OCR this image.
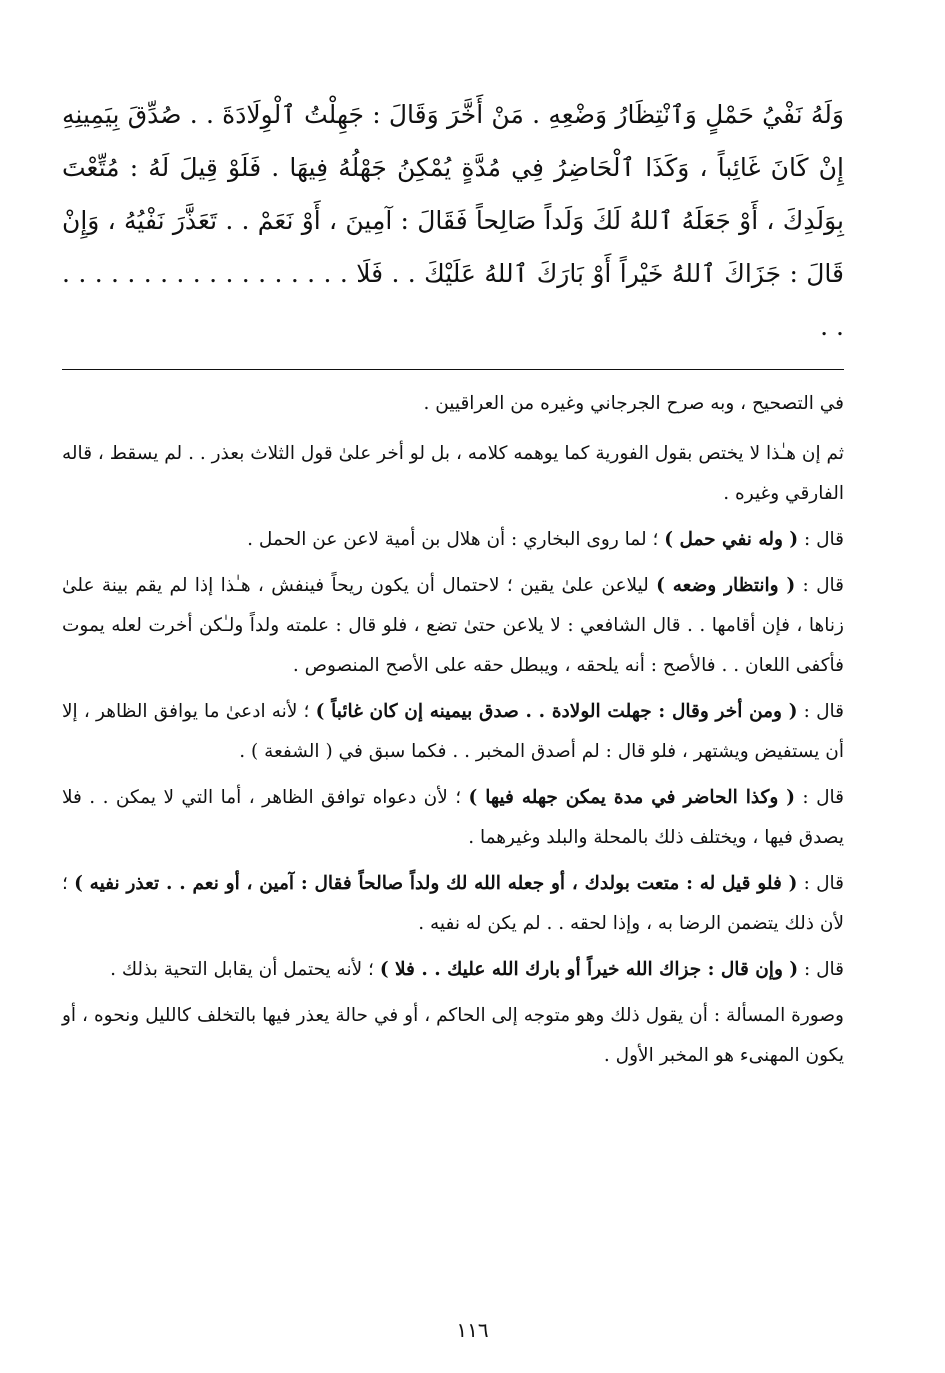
وَلَهُ نَفْيُ حَمْلٍ وَٱنْتِظَارُ وَضْعِهِ . مَنْ أَخَّرَ وَقَالَ : جَهِلْتُ ٱلْوِلَادَةَ . . صُدِّقَ بِيَمِينِهِ إِنْ كَانَ غَائِباً ، وَكَذَا ٱلْحَاضِرُ فِي مُدَّةٍ يُمْكِنُ جَهْلُهُ فِيهَا . فَلَوْ قِيلَ لَهُ : مُتِّعْتَ بِوَلَدِكَ ، أَوْ جَعَلَهُ ٱللهُ لَكَ وَلَداً صَالِحاً فَقَالَ : آمِينَ ، أَوْ نَعَمْ . . تَعَذَّرَ نَفْيُهُ ، وَإِنْ قَالَ : جَزَاكَ ٱللهُ خَيْراً أَوْ بَارَكَ ٱللهُ عَلَيْكَ . . فَلَا . . . . . . . . . . . . . . . . . . . .

في التصحيح ، وبه صرح الجرجاني وغيره من العراقيين .

ثم إن هـٰذا لا يختص بقول الفورية كما يوهمه كلامه ، بل لو أخر علىٰ قول الثلاث بعذر . . لم يسقط ، قاله الفارقي وغيره .

قال : ( وله نفي حمل ) ؛ لما روى البخاري : أن هلال بن أمية لاعن عن الحمل .

قال : ( وانتظار وضعه ) ليلاعن علىٰ يقين ؛ لاحتمال أن يكون ريحاً فينفش ، هـٰذا إذا لم يقم بينة علىٰ زناها ، فإن أقامها . . قال الشافعي : لا يلاعن حتىٰ تضع ، فلو قال : علمته ولداً ولـٰكن أخرت لعله يموت فأكفى اللعان . . فالأصح : أنه يلحقه ، ويبطل حقه على الأصح المنصوص .

قال : ( ومن أخر وقال : جهلت الولادة . . صدق بيمينه إن كان غائباً ) ؛ لأنه ادعىٰ ما يوافق الظاهر ، إلا أن يستفيض ويشتهر ، فلو قال : لم أصدق المخبر . . فكما سبق في ( الشفعة ) .

قال : ( وكذا الحاضر في مدة يمكن جهله فيها ) ؛ لأن دعواه توافق الظاهر ، أما التي لا يمكن . . فلا يصدق فيها ، ويختلف ذلك بالمحلة والبلد وغيرهما .

قال : ( فلو قيل له : متعت بولدك ، أو جعله الله لك ولداً صالحاً فقال : آمين ، أو نعم . . تعذر نفيه ) ؛ لأن ذلك يتضمن الرضا به ، وإذا لحقه . . لم يكن له نفيه .

قال : ( وإن قال : جزاك الله خيراً أو بارك الله عليك . . فلا ) ؛ لأنه يحتمل أن يقابل التحية بذلك .

وصورة المسألة : أن يقول ذلك وهو متوجه إلى الحاكم ، أو في حالة يعذر فيها بالتخلف كالليل ونحوه ، أو يكون المهنىء هو المخبر الأول .

١١٦
